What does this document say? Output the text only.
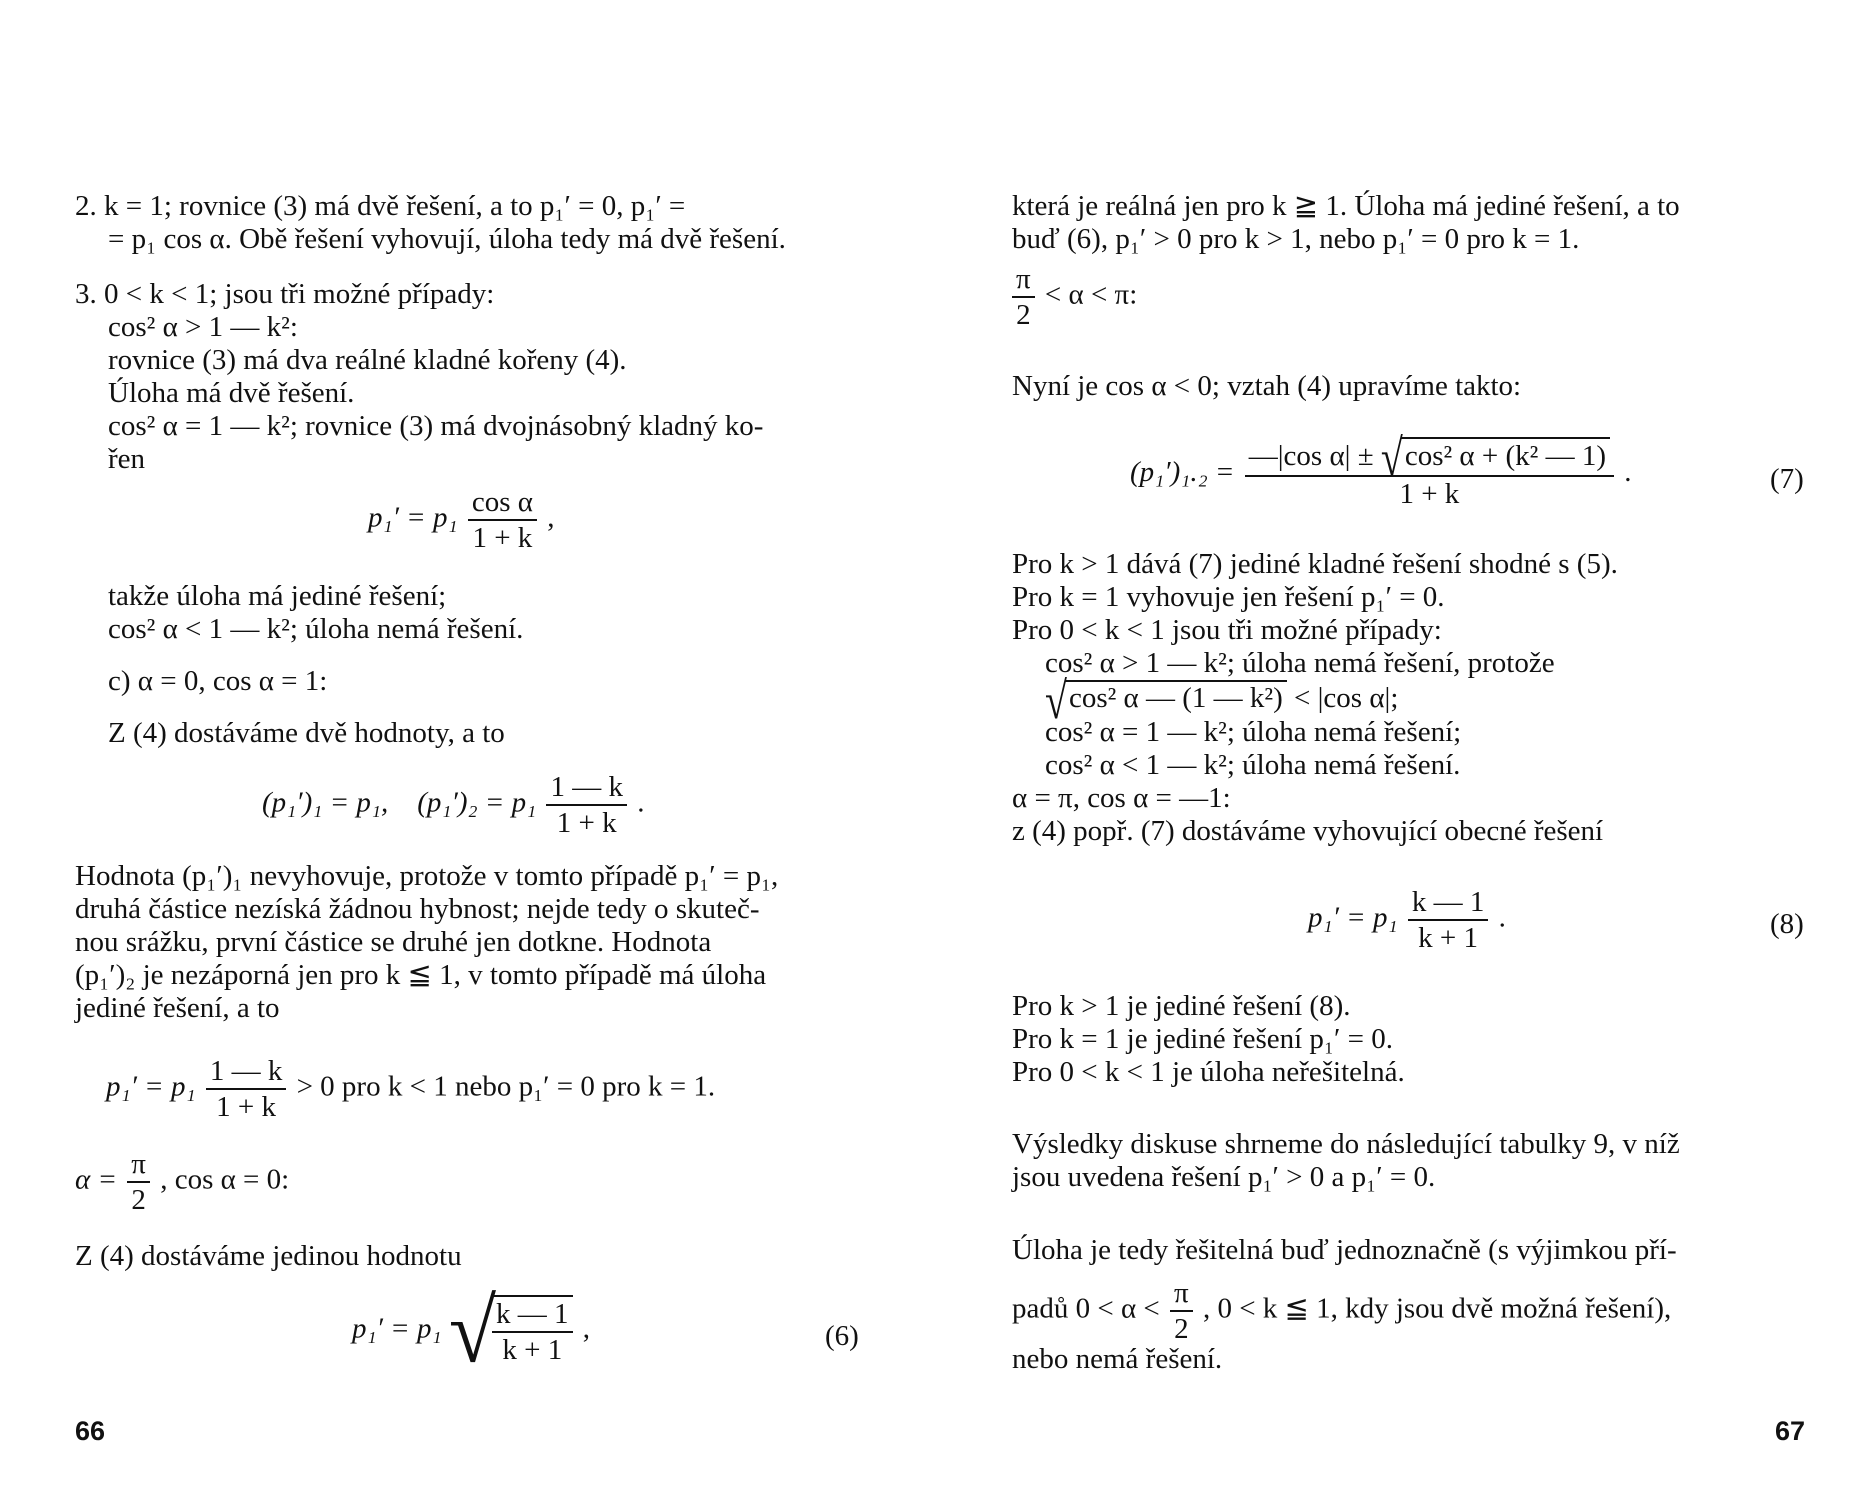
2. k = 1; rovnice (3) má dvě řešení, a to p₁′ = 0, p₁′ =
= p₁ cos α. Obě řešení vyhovují, úloha tedy má dvě řešení.
3. 0 < k < 1; jsou tři možné případy:
cos² α > 1 — k²:
rovnice (3) má dva reálné kladné kořeny (4).
Úloha má dvě řešení.
cos² α = 1 — k²; rovnice (3) má dvojnásobný kladný ko-
řen
$p_1' = p_1 \frac{\text{cos α}}{1 + k}$ ,
takže úloha má jediné řešení;
cos² α < 1 — k²; úloha nemá řešení.
c) α = 0, cos α = 1:
Z (4) dostáváme dvě hodnoty, a to
(p₁′)₁ = p₁, $(p_1')_2 = p_1 \frac{1 — k}{1 + k}$ .
Hodnota (p₁′)₁ nevyhovuje, protože v tomto případě p₁′ = p₁,
druhá částice nezíská žádnou hybnost; nejde tedy o skuteč-
nou srážku, první částice se druhé jen dotkne. Hodnota
(p₁′)₂ je nezáporná jen pro k ≦ 1, v tomto případě má úloha
jediné řešení, a to
$p_1' = p_1 \frac{1 — k}{1 + k} > 0$ pro k < 1 nebo p₁′ = 0 pro k = 1.
$\alpha = \frac{\pi}{2}$ , cos α = 0:
Z (4) dostáváme jedinou hodnotu
p₁′ = p₁ √
$\frac{k — 1}{k + 1}$ ,	(6)
66
která je reálná jen pro k ≧ 1. Úloha má jediné řešení, a to
buď (6), p₁′ > 0 pro k > 1, nebo p₁′ = 0 pro k = 1.
$\frac{\pi}{2} < \alpha < \pi$:
Nyní je cos α < 0; vztah (4) upravíme takto:
$(p_1')_1._2 = \frac{\text{—|cos α| ± √cos² α + (k² — 1)}}{1 + k}$ .	(7)
Pro k > 1 dává (7) jediné kladné řešení shodné s (5).
Pro k = 1 vyhovuje jen řešení p₁′ = 0.
Pro 0 < k < 1 jsou tři možné případy:
cos² α > 1 — k²; úloha nemá řešení, protože
√cos² α — (1 — k²) < |cos α|;
cos² α = 1 — k²; úloha nemá řešení;
cos² α < 1 — k²; úloha nemá řešení.
α = π, cos α = —1:
z (4) popř. (7) dostáváme vyhovující obecné řešení
$p_1' = p_1 \frac{k — 1}{k + 1}$ .	(8)
Pro k > 1 je jediné řešení (8).
Pro k = 1 je jediné řešení p₁′ = 0.
Pro 0 < k < 1 je úloha neřešitelná.
Výsledky diskuse shrneme do následující tabulky 9, v níž
jsou uvedena řešení p₁′ > 0 a p₁′ = 0.
Úloha je tedy řešitelná buď jednoznačně (s výjimkou pří-
padů $0 < \alpha < \frac{\pi}{2}$ , 0 < k ≦ 1, kdy jsou dvě možná řešení),
nebo nemá řešení.
67
